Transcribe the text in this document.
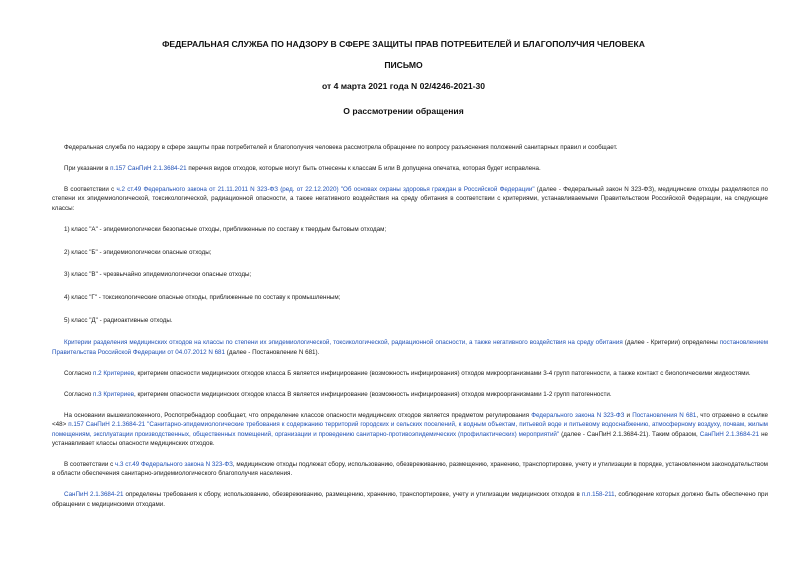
ФЕДЕРАЛЬНАЯ СЛУЖБА ПО НАДЗОРУ В СФЕРЕ ЗАЩИТЫ ПРАВ ПОТРЕБИТЕЛЕЙ И БЛАГОПОЛУЧИЯ ЧЕЛОВЕКА
ПИСЬМО
от 4 марта 2021 года N 02/4246-2021-30
О рассмотрении обращения

Федеральная служба по надзору в сфере защиты прав потребителей и благополучия человека рассмотрела обращение по вопросу разъяснения положений санитарных правил и сообщает.

При указании в п.157 СанПиН 2.1.3684-21 перечня видов отходов, которые могут быть отнесены к классам Б или В допущена опечатка, которая будет исправлена.

В соответствии с ч.2 ст.49 Федерального закона от 21.11.2011 N 323-ФЗ (ред. от 22.12.2020) "Об основах охраны здоровья граждан в Российской Федерации" (далее - Федеральный закон N 323-ФЗ), медицинские отходы разделяются по степени их эпидемиологической, токсикологической, радиационной опасности, а также негативного воздействия на среду обитания в соответствии с критериями, устанавливаемыми Правительством Российской Федерации, на следующие классы:

1) класс "А" - эпидемиологически безопасные отходы, приближенные по составу к твердым бытовым отходам;

2) класс "Б" - эпидемиологически опасные отходы;

3) класс "В" - чрезвычайно эпидемиологически опасные отходы;

4) класс "Г" - токсикологические опасные отходы, приближенные по составу к промышленным;

5) класс "Д" - радиоактивные отходы.

Критерии разделения медицинских отходов на классы по степени их эпидемиологической, токсикологической, радиационной опасности, а также негативного воздействия на среду обитания (далее - Критерии) определены постановлением Правительства Российской Федерации от 04.07.2012 N 681 (далее - Постановление N 681).

Согласно п.2 Критериев, критерием опасности медицинских отходов класса Б является инфицирование (возможность инфицирования) отходов микроорганизмами 3-4 групп патогенности, а также контакт с биологическими жидкостями.

Согласно п.3 Критериев, критерием опасности медицинских отходов класса В является инфицирование (возможность инфицирования) отходов микроорганизмами 1-2 групп патогенности.

На основании вышеизложенного, Роспотребнадзор сообщает, что определение классов опасности медицинских отходов является предметом регулирования Федерального закона N 323-ФЗ и Постановления N 681, что отражено в ссылке <48> п.157 СанПиН 2.1.3684-21 "Санитарно-эпидемиологические требования к содержанию территорий городских и сельских поселений, к водным объектам, питьевой воде и питьевому водоснабжению, атмосферному воздуху, почвам, жилым помещениям, эксплуатации производственных, общественных помещений, организации и проведению санитарно-противоэпидемических (профилактических) мероприятий" (далее - СанПиН 2.1.3684-21). Таким образом, СанПиН 2.1.3684-21 не устанавливает классы опасности медицинских отходов.

В соответствии с ч.3 ст.49 Федерального закона N 323-ФЗ, медицинские отходы подлежат сбору, использованию, обезвреживанию, размещению, хранению, транспортировке, учету и утилизации в порядке, установленном законодательством в области обеспечения санитарно-эпидемиологического благополучия населения.

СанПиН 2.1.3684-21 определены требования к сбору, использованию, обезвреживанию, размещению, хранению, транспортировке, учету и утилизации медицинских отходов в п.п.158-211, соблюдение которых должно быть обеспечено при обращении с медицинскими отходами.
